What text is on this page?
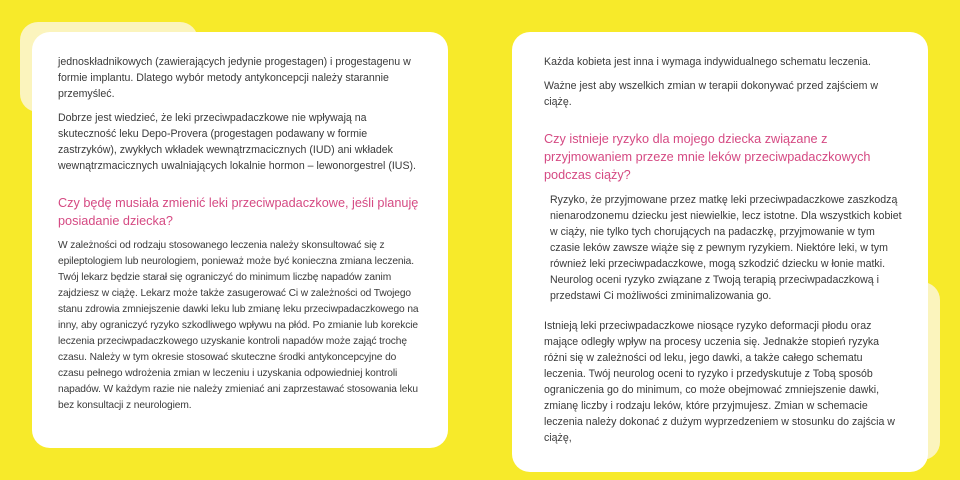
jednoskładnikowych (zawierających jedynie progestagen) i progestagenu w formie implantu. Dlatego wybór metody antykoncepcji należy starannie przemyśleć.

Dobrze jest wiedzieć, że leki przeciwpadaczkowe nie wpływają na skuteczność leku Depo-Provera (progestagen podawany w formie zastrzyków), zwykłych wkładek wewnątrzmacicznych (IUD) ani wkładek wewnątrzmacicznych uwalniających lokalnie hormon – lewonorgestrel (IUS).

Czy będę musiała zmienić leki przeciwpadaczkowe, jeśli planuję posiadanie dziecka?

W zależności od rodzaju stosowanego leczenia należy skonsultować się z epileptologiem lub neurologiem, ponieważ może być konieczna zmiana leczenia. Twój lekarz będzie starał się ograniczyć do minimum liczbę napadów zanim zajdziesz w ciążę. Lekarz może także zasugerować Ci w zależności od Twojego stanu zdrowia zmniejszenie dawki leku lub zmianę leku przeciwpadaczkowego na inny, aby ograniczyć ryzyko szkodliwego wpływu na płód. Po zmianie lub korekcie leczenia przeciwpadaczkowego uzyskanie kontroli napadów może zająć trochę czasu. Należy w tym okresie stosować skuteczne środki antykoncepcyjne do czasu pełnego wdrożenia zmian w leczeniu i uzyskania odpowiedniej kontroli napadów. W każdym razie nie należy zmieniać ani zaprzestawać stosowania leku bez konsultacji z neurologiem.

Każda kobieta jest inna i wymaga indywidualnego schematu leczenia.

Ważne jest aby wszelkich zmian w terapii dokonywać przed zajściem w ciążę.

Czy istnieje ryzyko dla mojego dziecka związane z przyjmowaniem przeze mnie leków przeciwpadaczkowych podczas ciąży?

Ryzyko, że przyjmowane przez matkę leki przeciwpadaczkowe zaszkodzą nienarodzonemu dziecku jest niewielkie, lecz istotne. Dla wszystkich kobiet w ciąży, nie tylko tych chorujących na padaczkę, przyjmowanie w tym czasie leków zawsze wiąże się z pewnym ryzykiem. Niektóre leki, w tym również leki przeciwpadaczkowe, mogą szkodzić dziecku w łonie matki. Neurolog oceni ryzyko związane z Twoją terapią przeciwpadaczkową i przedstawi Ci możliwości zminimalizowania go.

Istnieją leki przeciwpadaczkowe niosące ryzyko deformacji płodu oraz mające odległy wpływ na procesy uczenia się. Jednakże stopień ryzyka różni się w zależności od leku, jego dawki, a także całego schematu leczenia. Twój neurolog oceni to ryzyko i przedyskutuje z Tobą sposób ograniczenia go do minimum, co może obejmować zmniejszenie dawki, zmianę liczby i rodzaju leków, które przyjmujesz. Zmian w schemacie leczenia należy dokonać z dużym wyprzedzeniem w stosunku do zajścia w ciążę,
